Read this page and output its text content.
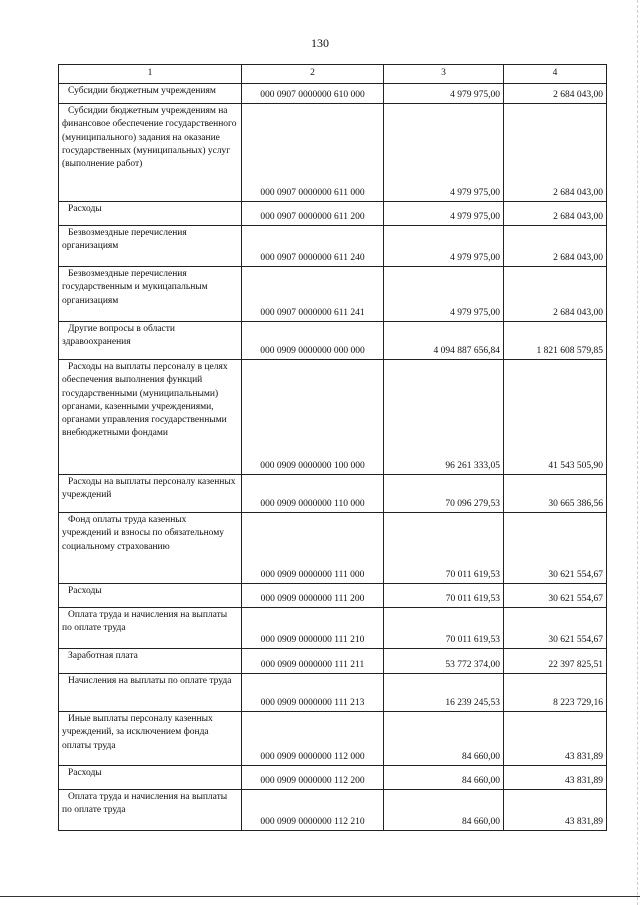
130
1	2	3	4
Субсидии бюджетным учреждениям	000 0907 0000000 610 000	4 979 975,00	2 684 043,00
Субсидии бюджетным учреждениям на финансовое обеспечение государственного (муниципального) задания на оказание государственных (муниципальных) услуг (выполнение работ)	000 0907 0000000 611 000	4 979 975,00	2 684 043,00
Расходы	000 0907 0000000 611 200	4 979 975,00	2 684 043,00
Безвозмездные перечисления организациям	000 0907 0000000 611 240	4 979 975,00	2 684 043,00
Безвозмездные перечисления государственным и мукицапальным организациям	000 0907 0000000 611 241	4 979 975,00	2 684 043,00
Другие вопросы в области здравоохранения	000 0909 0000000 000 000	4 094 887 656,84	1 821 608 579,85
Расходы на выплаты персоналу в целях обеспечения выполнения функций государственными (муниципальными) органами, казенными учреждениями, органами управления государственными внебюджетными фондами	000 0909 0000000 100 000	96 261 333,05	41 543 505,90
Расходы на выплаты персоналу казенных учреждений	000 0909 0000000 110 000	70 096 279,53	30 665 386,56
Фонд оплаты труда казенных учреждений и взносы по обязательному социальному страхованию	000 0909 0000000 111 000	70 011 619,53	30 621 554,67
Расходы	000 0909 0000000 111 200	70 011 619,53	30 621 554,67
Оплата труда и начисления на выплаты по оплате труда	000 0909 0000000 111 210	70 011 619,53	30 621 554,67
Заработная плата	000 0909 0000000 111 211	53 772 374,00	22 397 825,51
Начисления на выплаты по оплате труда	000 0909 0000000 111 213	16 239 245,53	8 223 729,16
Иные выплаты персоналу казенных учреждений, за исключением фонда оплаты труда	000 0909 0000000 112 000	84 660,00	43 831,89
Расходы	000 0909 0000000 112 200	84 660,00	43 831,89
Оплата труда и начисления на выплаты по оплате труда	000 0909 0000000 112 210	84 660,00	43 831,89
